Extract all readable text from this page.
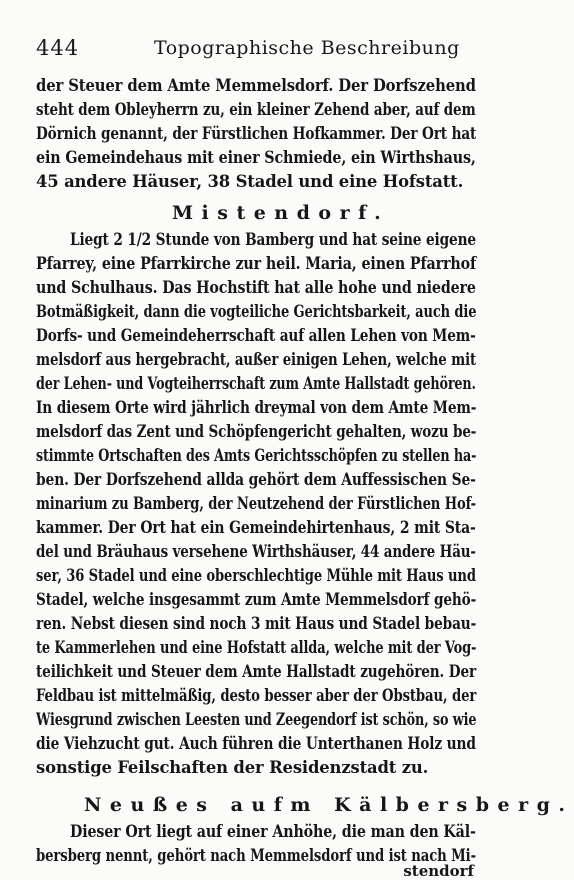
444	Topographische Beschreibung
der Steuer dem Amte Memmelsdorf. Der Dorfszehend
steht dem Obleyherrn zu, ein kleiner Zehend aber, auf dem
Dörnich genannt, der Fürstlichen Hofkammer. Der Ort hat
ein Gemeindehaus mit einer Schmiede, ein Wirthshaus,
45 andere Häuser, 38 Stadel und eine Hofstatt.
Mistendorf.
Liegt 2 1/2 Stunde von Bamberg und hat seine eigene
Pfarrey, eine Pfarrkirche zur heil. Maria, einen Pfarrhof
und Schulhaus. Das Hochstift hat alle hohe und niedere
Botmäßigkeit, dann die vogteiliche Gerichtsbarkeit, auch die
Dorfs- und Gemeindeherrschaft auf allen Lehen von Mem-
melsdorf aus hergebracht, außer einigen Lehen, welche mit
der Lehen- und Vogteiherrschaft zum Amte Hallstadt gehören.
In diesem Orte wird jährlich dreymal von dem Amte Mem-
melsdorf das Zent und Schöpfengericht gehalten, wozu be-
stimmte Ortschaften des Amts Gerichtsschöpfen zu stellen ha-
ben. Der Dorfszehend allda gehört dem Auffessischen Se-
minarium zu Bamberg, der Neutzehend der Fürstlichen Hof-
kammer. Der Ort hat ein Gemeindehirtenhaus, 2 mit Sta-
del und Bräuhaus versehene Wirthshäuser, 44 andere Häu-
ser, 36 Stadel und eine oberschlechtige Mühle mit Haus und
Stadel, welche insgesammt zum Amte Memmelsdorf gehö-
ren. Nebst diesen sind noch 3 mit Haus und Stadel bebau-
te Kammerlehen und eine Hofstatt allda, welche mit der Vog-
teilichkeit und Steuer dem Amte Hallstadt zugehören. Der
Feldbau ist mittelmäßig, desto besser aber der Obstbau, der
Wiesgrund zwischen Leesten und Zeegendorf ist schön, so wie
die Viehzucht gut. Auch führen die Unterthanen Holz und
sonstige Feilschaften der Residenzstadt zu.
Neußes aufm Kälbersberg.
Dieser Ort liegt auf einer Anhöhe, die man den Käl-
bersberg nennt, gehört nach Memmelsdorf und ist nach Mi-
stendorf
